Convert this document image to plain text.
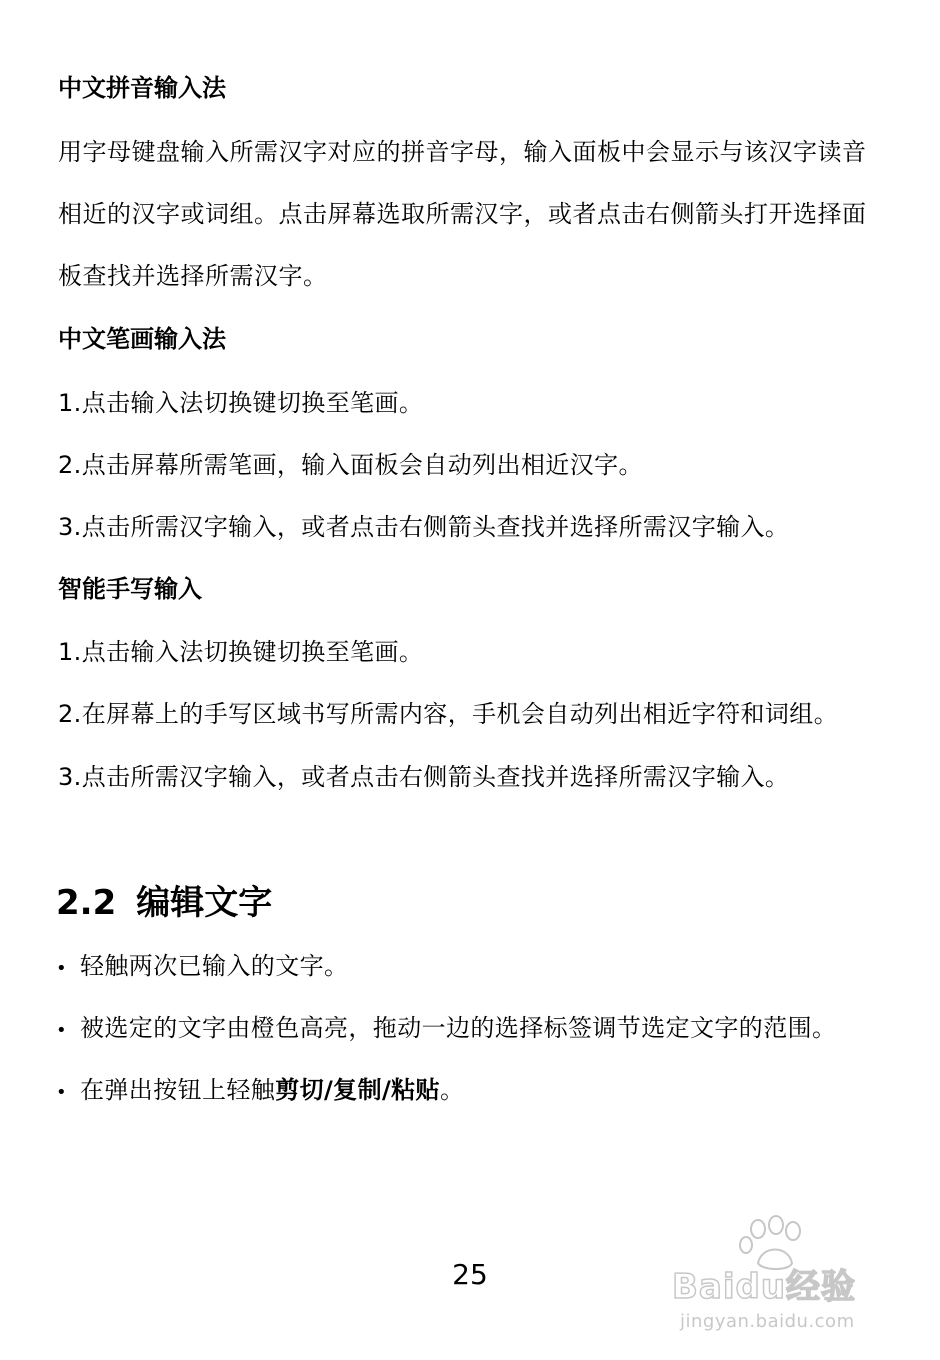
中文拼音输入法
用字母键盘输入所需汉字对应的拼音字母，输入面板中会显示与该汉字读音相近的汉字或词组。点击屏幕选取所需汉字，或者点击右侧箭头打开选择面板查找并选择所需汉字。
中文笔画输入法
1.点击输入法切换键切换至笔画。
2.点击屏幕所需笔画，输入面板会自动列出相近汉字。
3.点击所需汉字输入，或者点击右侧箭头查找并选择所需汉字输入。
智能手写输入
1.点击输入法切换键切换至笔画。
2.在屏幕上的手写区域书写所需内容，手机会自动列出相近字符和词组。
3.点击所需汉字输入，或者点击右侧箭头查找并选择所需汉字输入。
2.2 编辑文字
• 轻触两次已输入的文字。
• 被选定的文字由橙色高亮，拖动一边的选择标签调节选定文字的范围。
• 在弹出按钮上轻触剪切/复制/粘贴。
25	Baidu经验
jingyan.baidu.com
